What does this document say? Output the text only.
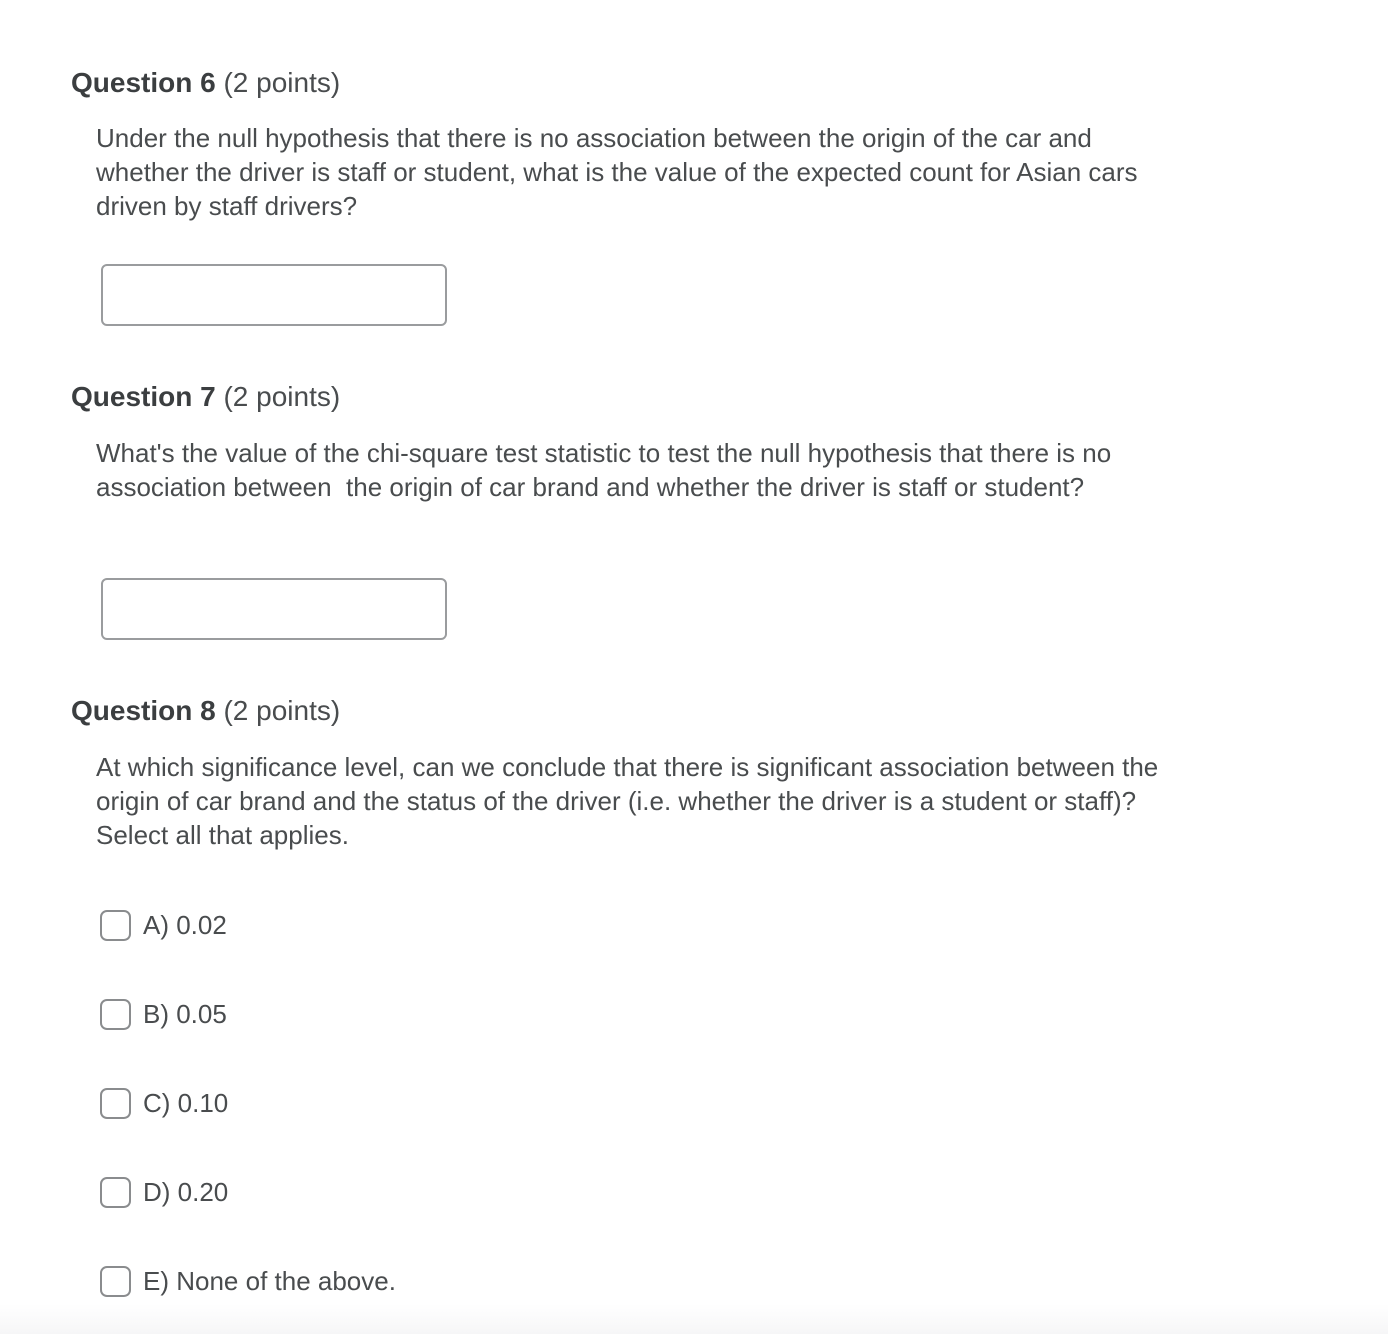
Question 6 (2 points)

Under the null hypothesis that there is no association between the origin of the car and whether the driver is staff or student, what is the value of the expected count for Asian cars driven by staff drivers?

Question 7 (2 points)

What's the value of the chi-square test statistic to test the null hypothesis that there is no association between  the origin of car brand and whether the driver is staff or student?

Question 8 (2 points)

At which significance level, can we conclude that there is significant association between the origin of car brand and the status of the driver (i.e. whether the driver is a student or staff)?  Select all that applies.

A) 0.02
B) 0.05
C) 0.10
D) 0.20
E) None of the above.
